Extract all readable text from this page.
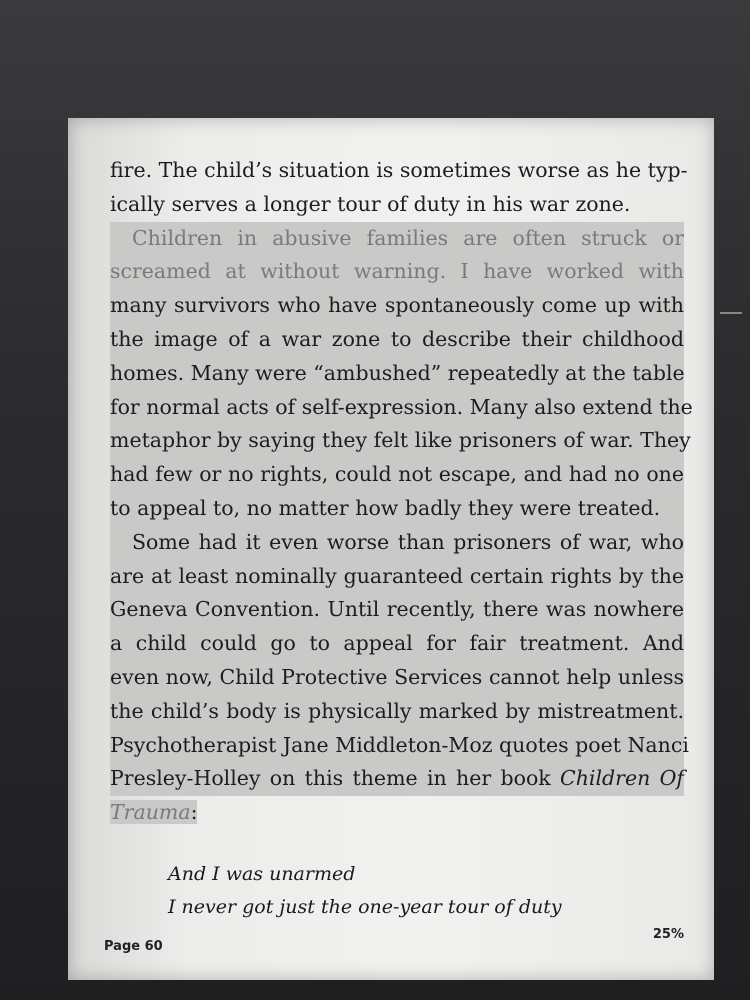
fire. The child’s situation is sometimes worse as he typ-
ically serves a longer tour of duty in his war zone.
Children in abusive families are often struck or
screamed at without warning. I have worked with
many survivors who have spontaneously come up with
the image of a war zone to describe their childhood
homes. Many were “ambushed” repeatedly at the table
for normal acts of self-expression. Many also extend the
metaphor by saying they felt like prisoners of war. They
had few or no rights, could not escape, and had no one
to appeal to, no matter how badly they were treated.
Some had it even worse than prisoners of war, who
are at least nominally guaranteed certain rights by the
Geneva Convention. Until recently, there was nowhere
a child could go to appeal for fair treatment. And
even now, Child Protective Services cannot help unless
the child’s body is physically marked by mistreatment.
Psychotherapist Jane Middleton-Moz quotes poet Nanci
Presley-Holley on this theme in her book Children Of
Trauma:
And I was unarmed
I never got just the one-year tour of duty
Page 60
25%
